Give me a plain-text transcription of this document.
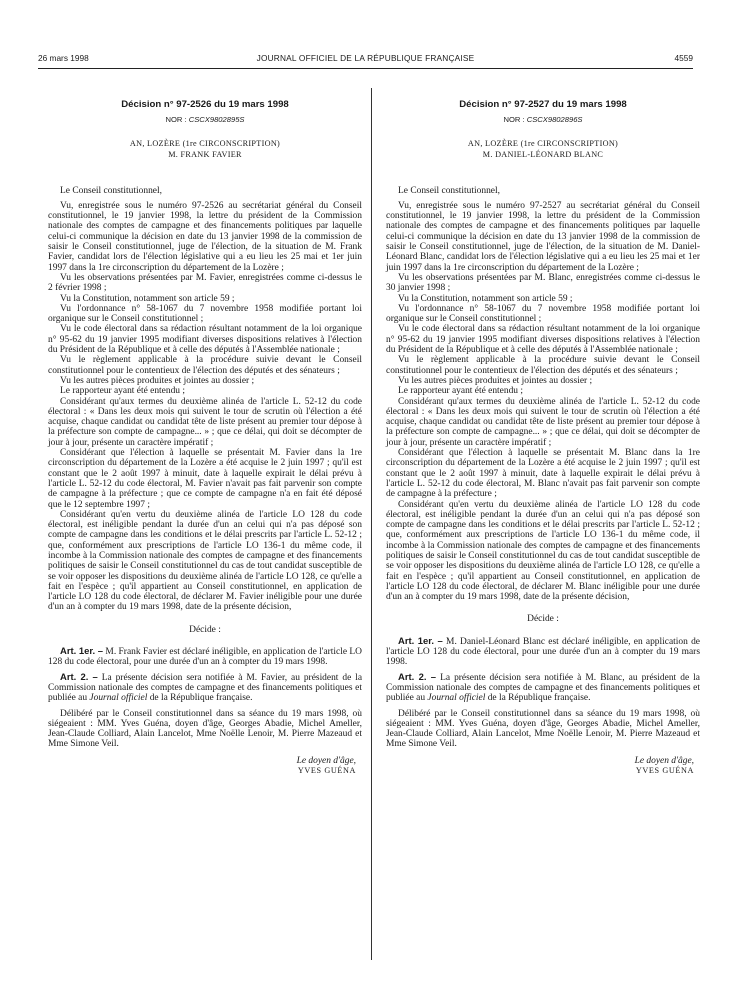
26 mars 1998	JOURNAL OFFICIEL DE LA RÉPUBLIQUE FRANÇAISE	4559
Décision n° 97-2526 du 19 mars 1998
NOR : CSCX9802895S
AN, LOZÈRE (1re CIRCONSCRIPTION)
M. FRANK FAVIER

Le Conseil constitutionnel,

Vu, enregistrée sous le numéro 97-2526 au secrétariat général du Conseil constitutionnel, le 19 janvier 1998, la lettre du président de la Commission nationale des comptes de campagne et des financements politiques par laquelle celui-ci communique la décision en date du 13 janvier 1998 de la commission de saisir le Conseil constitutionnel, juge de l'élection, de la situation de M. Frank Favier, candidat lors de l'élection législative qui a eu lieu les 25 mai et 1er juin 1997 dans la 1re circonscription du département de la Lozère ;

Vu les observations présentées par M. Favier, enregistrées comme ci-dessus le 2 février 1998 ;

Vu la Constitution, notamment son article 59 ;

Vu l'ordonnance n° 58-1067 du 7 novembre 1958 modifiée portant loi organique sur le Conseil constitutionnel ;

Vu le code électoral dans sa rédaction résultant notamment de la loi organique n° 95-62 du 19 janvier 1995 modifiant diverses dispositions relatives à l'élection du Président de la République et à celle des députés à l'Assemblée nationale ;

Vu le règlement applicable à la procédure suivie devant le Conseil constitutionnel pour le contentieux de l'élection des députés et des sénateurs ;

Vu les autres pièces produites et jointes au dossier ;

Le rapporteur ayant été entendu ;

Considérant qu'aux termes du deuxième alinéa de l'article L. 52-12 du code électoral : « Dans les deux mois qui suivent le tour de scrutin où l'élection a été acquise, chaque candidat ou candidat tête de liste présent au premier tour dépose à la préfecture son compte de campagne... » ; que ce délai, qui doit se décompter de jour à jour, présente un caractère impératif ;

Considérant que l'élection à laquelle se présentait M. Favier dans la 1re circonscription du département de la Lozère a été acquise le 2 juin 1997 ; qu'il est constant que le 2 août 1997 à minuit, date à laquelle expirait le délai prévu à l'article L. 52-12 du code électoral, M. Favier n'avait pas fait parvenir son compte de campagne à la préfecture ; que ce compte de campagne n'a en fait été déposé que le 12 septembre 1997 ;

Considérant qu'en vertu du deuxième alinéa de l'article LO 128 du code électoral, est inéligible pendant la durée d'un an celui qui n'a pas déposé son compte de campagne dans les conditions et le délai prescrits par l'article L. 52-12 ; que, conformément aux prescriptions de l'article LO 136-1 du même code, il incombe à la Commission nationale des comptes de campagne et des financements politiques de saisir le Conseil constitutionnel du cas de tout candidat susceptible de se voir opposer les dispositions du deuxième alinéa de l'article LO 128, ce qu'elle a fait en l'espèce ; qu'il appartient au Conseil constitutionnel, en application de l'article LO 128 du code électoral, de déclarer M. Favier inéligible pour une durée d'un an à compter du 19 mars 1998, date de la présente décision,

Décide :

Art. 1er. – M. Frank Favier est déclaré inéligible, en application de l'article LO 128 du code électoral, pour une durée d'un an à compter du 19 mars 1998.

Art. 2. – La présente décision sera notifiée à M. Favier, au président de la Commission nationale des comptes de campagne et des financements politiques et publiée au Journal officiel de la République française.

Délibéré par le Conseil constitutionnel dans sa séance du 19 mars 1998, où siégeaient : MM. Yves Guéna, doyen d'âge, Georges Abadie, Michel Ameller, Jean-Claude Colliard, Alain Lancelot, Mme Noëlle Lenoir, M. Pierre Mazeaud et Mme Simone Veil.

Le doyen d'âge,
YVES GUÉNA
Décision n° 97-2527 du 19 mars 1998
NOR : CSCX9802896S
AN, LOZÈRE (1re CIRCONSCRIPTION)
M. DANIEL-LÉONARD BLANC

Le Conseil constitutionnel,

Vu, enregistrée sous le numéro 97-2527 au secrétariat général du Conseil constitutionnel, le 19 janvier 1998, la lettre du président de la Commission nationale des comptes de campagne et des financements politiques par laquelle celui-ci communique la décision en date du 13 janvier 1998 de la commission de saisir le Conseil constitutionnel, juge de l'élection, de la situation de M. Daniel-Léonard Blanc, candidat lors de l'élection législative qui a eu lieu les 25 mai et 1er juin 1997 dans la 1re circonscription du département de la Lozère ;

Vu les observations présentées par M. Blanc, enregistrées comme ci-dessus le 30 janvier 1998 ;

Vu la Constitution, notamment son article 59 ;

Vu l'ordonnance n° 58-1067 du 7 novembre 1958 modifiée portant loi organique sur le Conseil constitutionnel ;

Vu le code électoral dans sa rédaction résultant notamment de la loi organique n° 95-62 du 19 janvier 1995 modifiant diverses dispositions relatives à l'élection du Président de la République et à celle des députés à l'Assemblée nationale ;

Vu le règlement applicable à la procédure suivie devant le Conseil constitutionnel pour le contentieux de l'élection des députés et des sénateurs ;

Vu les autres pièces produites et jointes au dossier ;

Le rapporteur ayant été entendu ;

Considérant qu'aux termes du deuxième alinéa de l'article L. 52-12 du code électoral : « Dans les deux mois qui suivent le tour de scrutin où l'élection a été acquise, chaque candidat ou candidat tête de liste présent au premier tour dépose à la préfecture son compte de campagne... » ; que ce délai, qui doit se décompter de jour à jour, présente un caractère impératif ;

Considérant que l'élection à laquelle se présentait M. Blanc dans la 1re circonscription du département de la Lozère a été acquise le 2 juin 1997 ; qu'il est constant que le 2 août 1997 à minuit, date à laquelle expirait le délai prévu à l'article L. 52-12 du code électoral, M. Blanc n'avait pas fait parvenir son compte de campagne à la préfecture ;

Considérant qu'en vertu du deuxième alinéa de l'article LO 128 du code électoral, est inéligible pendant la durée d'un an celui qui n'a pas déposé son compte de campagne dans les conditions et le délai prescrits par l'article L. 52-12 ; que, conformément aux prescriptions de l'article LO 136-1 du même code, il incombe à la Commission nationale des comptes de campagne et des financements politiques de saisir le Conseil constitutionnel du cas de tout candidat susceptible de se voir opposer les dispositions du deuxième alinéa de l'article LO 128, ce qu'elle a fait en l'espèce ; qu'il appartient au Conseil constitutionnel, en application de l'article LO 128 du code électoral, de déclarer M. Blanc inéligible pour une durée d'un an à compter du 19 mars 1998, date de la présente décision,

Décide :

Art. 1er. – M. Daniel-Léonard Blanc est déclaré inéligible, en application de l'article LO 128 du code électoral, pour une durée d'un an à compter du 19 mars 1998.

Art. 2. – La présente décision sera notifiée à M. Blanc, au président de la Commission nationale des comptes de campagne et des financements politiques et publiée au Journal officiel de la République française.

Délibéré par le Conseil constitutionnel dans sa séance du 19 mars 1998, où siégeaient : MM. Yves Guéna, doyen d'âge, Georges Abadie, Michel Ameller, Jean-Claude Colliard, Alain Lancelot, Mme Noëlle Lenoir, M. Pierre Mazeaud et Mme Simone Veil.

Le doyen d'âge,
YVES GUÉNA
